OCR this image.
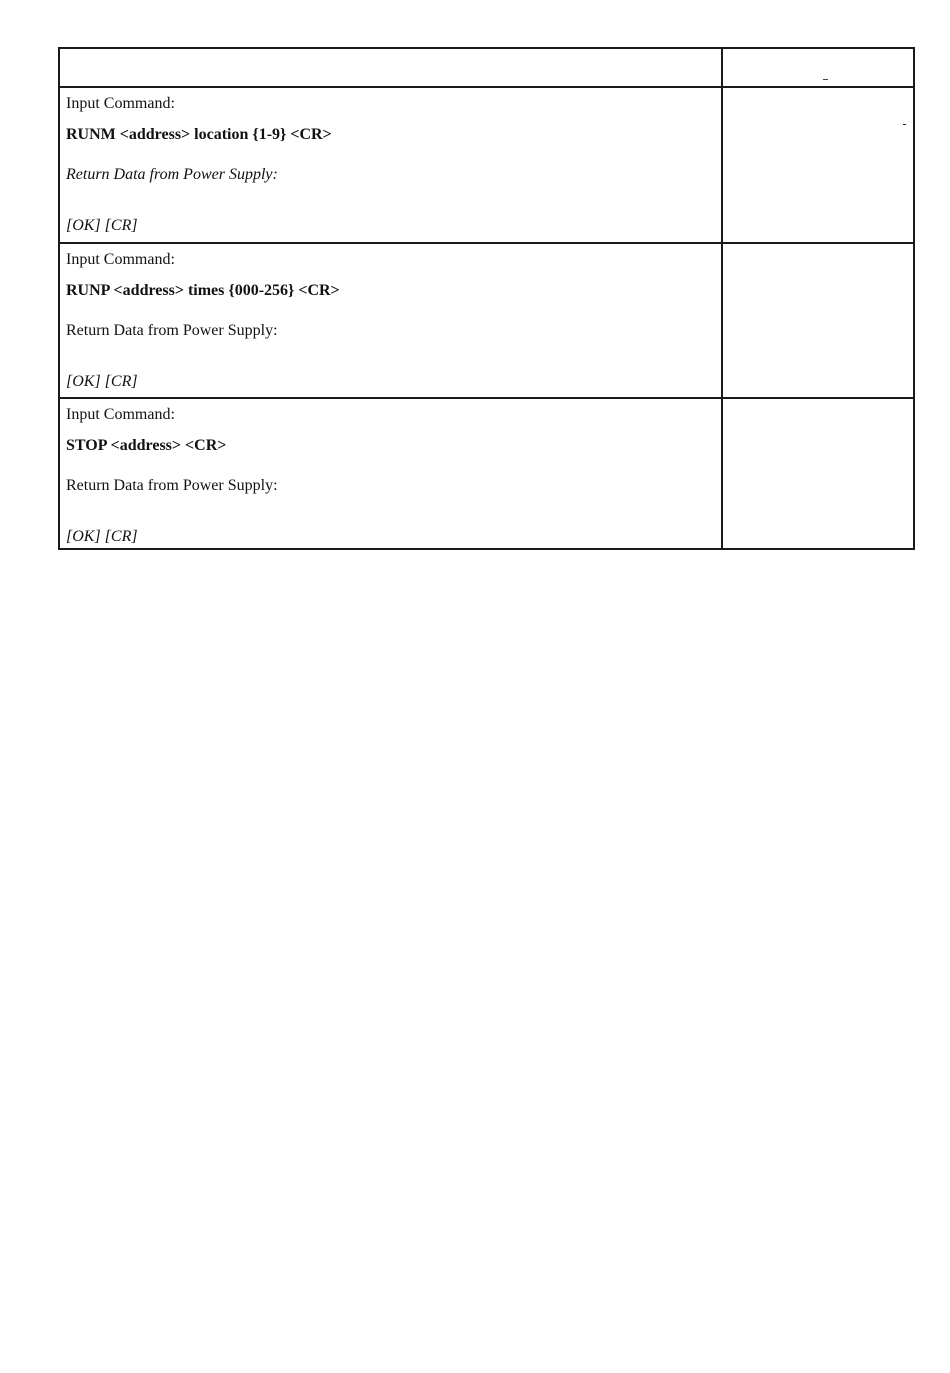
Input Command:
RUNM <address> location {1-9} <CR>
Return Data from Power Supply:
[OK] [CR]
Input Command:
RUNP <address> times {000-256} <CR>
Return Data from Power Supply:
[OK] [CR]
Input Command:
STOP <address> <CR>
Return Data from Power Supply:
[OK] [CR]
